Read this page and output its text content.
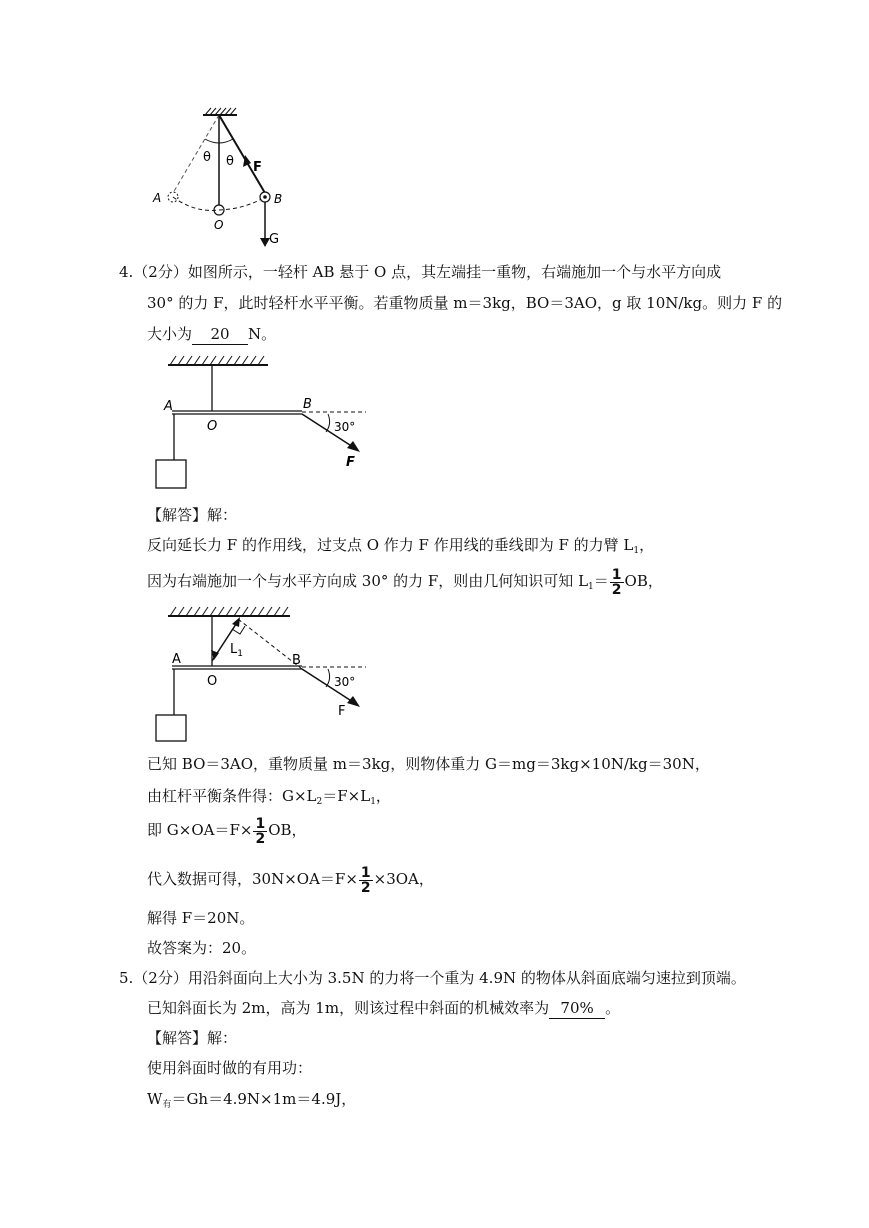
θ θ F
A
O
B
G
4.（2分）如图所示，一轻杆 AB 悬于 O 点，其左端挂一重物，右端施加一个与水平方向成
30° 的力 F，此时轻杆水平平衡。若重物质量 m＝3kg，BO＝3AO，g 取 10N/kg。则力 F 的
大小为 20 N。
A
O
B
30°
F
【解答】解：
反向延长力 F 的作用线，过支点 O 作力 F 作用线的垂线即为 F 的力臂 $L_1$，
因为右端施加一个与水平方向成 30° 的力 F，则由几何知识可知 $L_1= \frac{1}{2}$ OB，
$L_1$
A
O
B
30°
F
已知 BO＝3AO，重物质量 m＝3kg，则物体重力 G＝mg＝3kg×10N/kg＝30N，
由杠杆平衡条件得：$G\times L_2=F\times L_1$，
即 $G\times OA=F\times \frac{1}{2}$ OB，
代入数据可得，$30N\times OA=F\times \frac{1}{2} \times 3OA$，
解得 F＝20N。
故答案为：20。
5.（2分）用沿斜面向上大小为 3.5N 的力将一个重为 4.9N 的物体从斜面底端匀速拉到顶端。
已知斜面长为 2m，高为 1m，则该过程中斜面的机械效率为 70% 。
【解答】解：
使用斜面时做的有用功：
$W_有=Gh=4.9N\times 1m=4.9J$，
